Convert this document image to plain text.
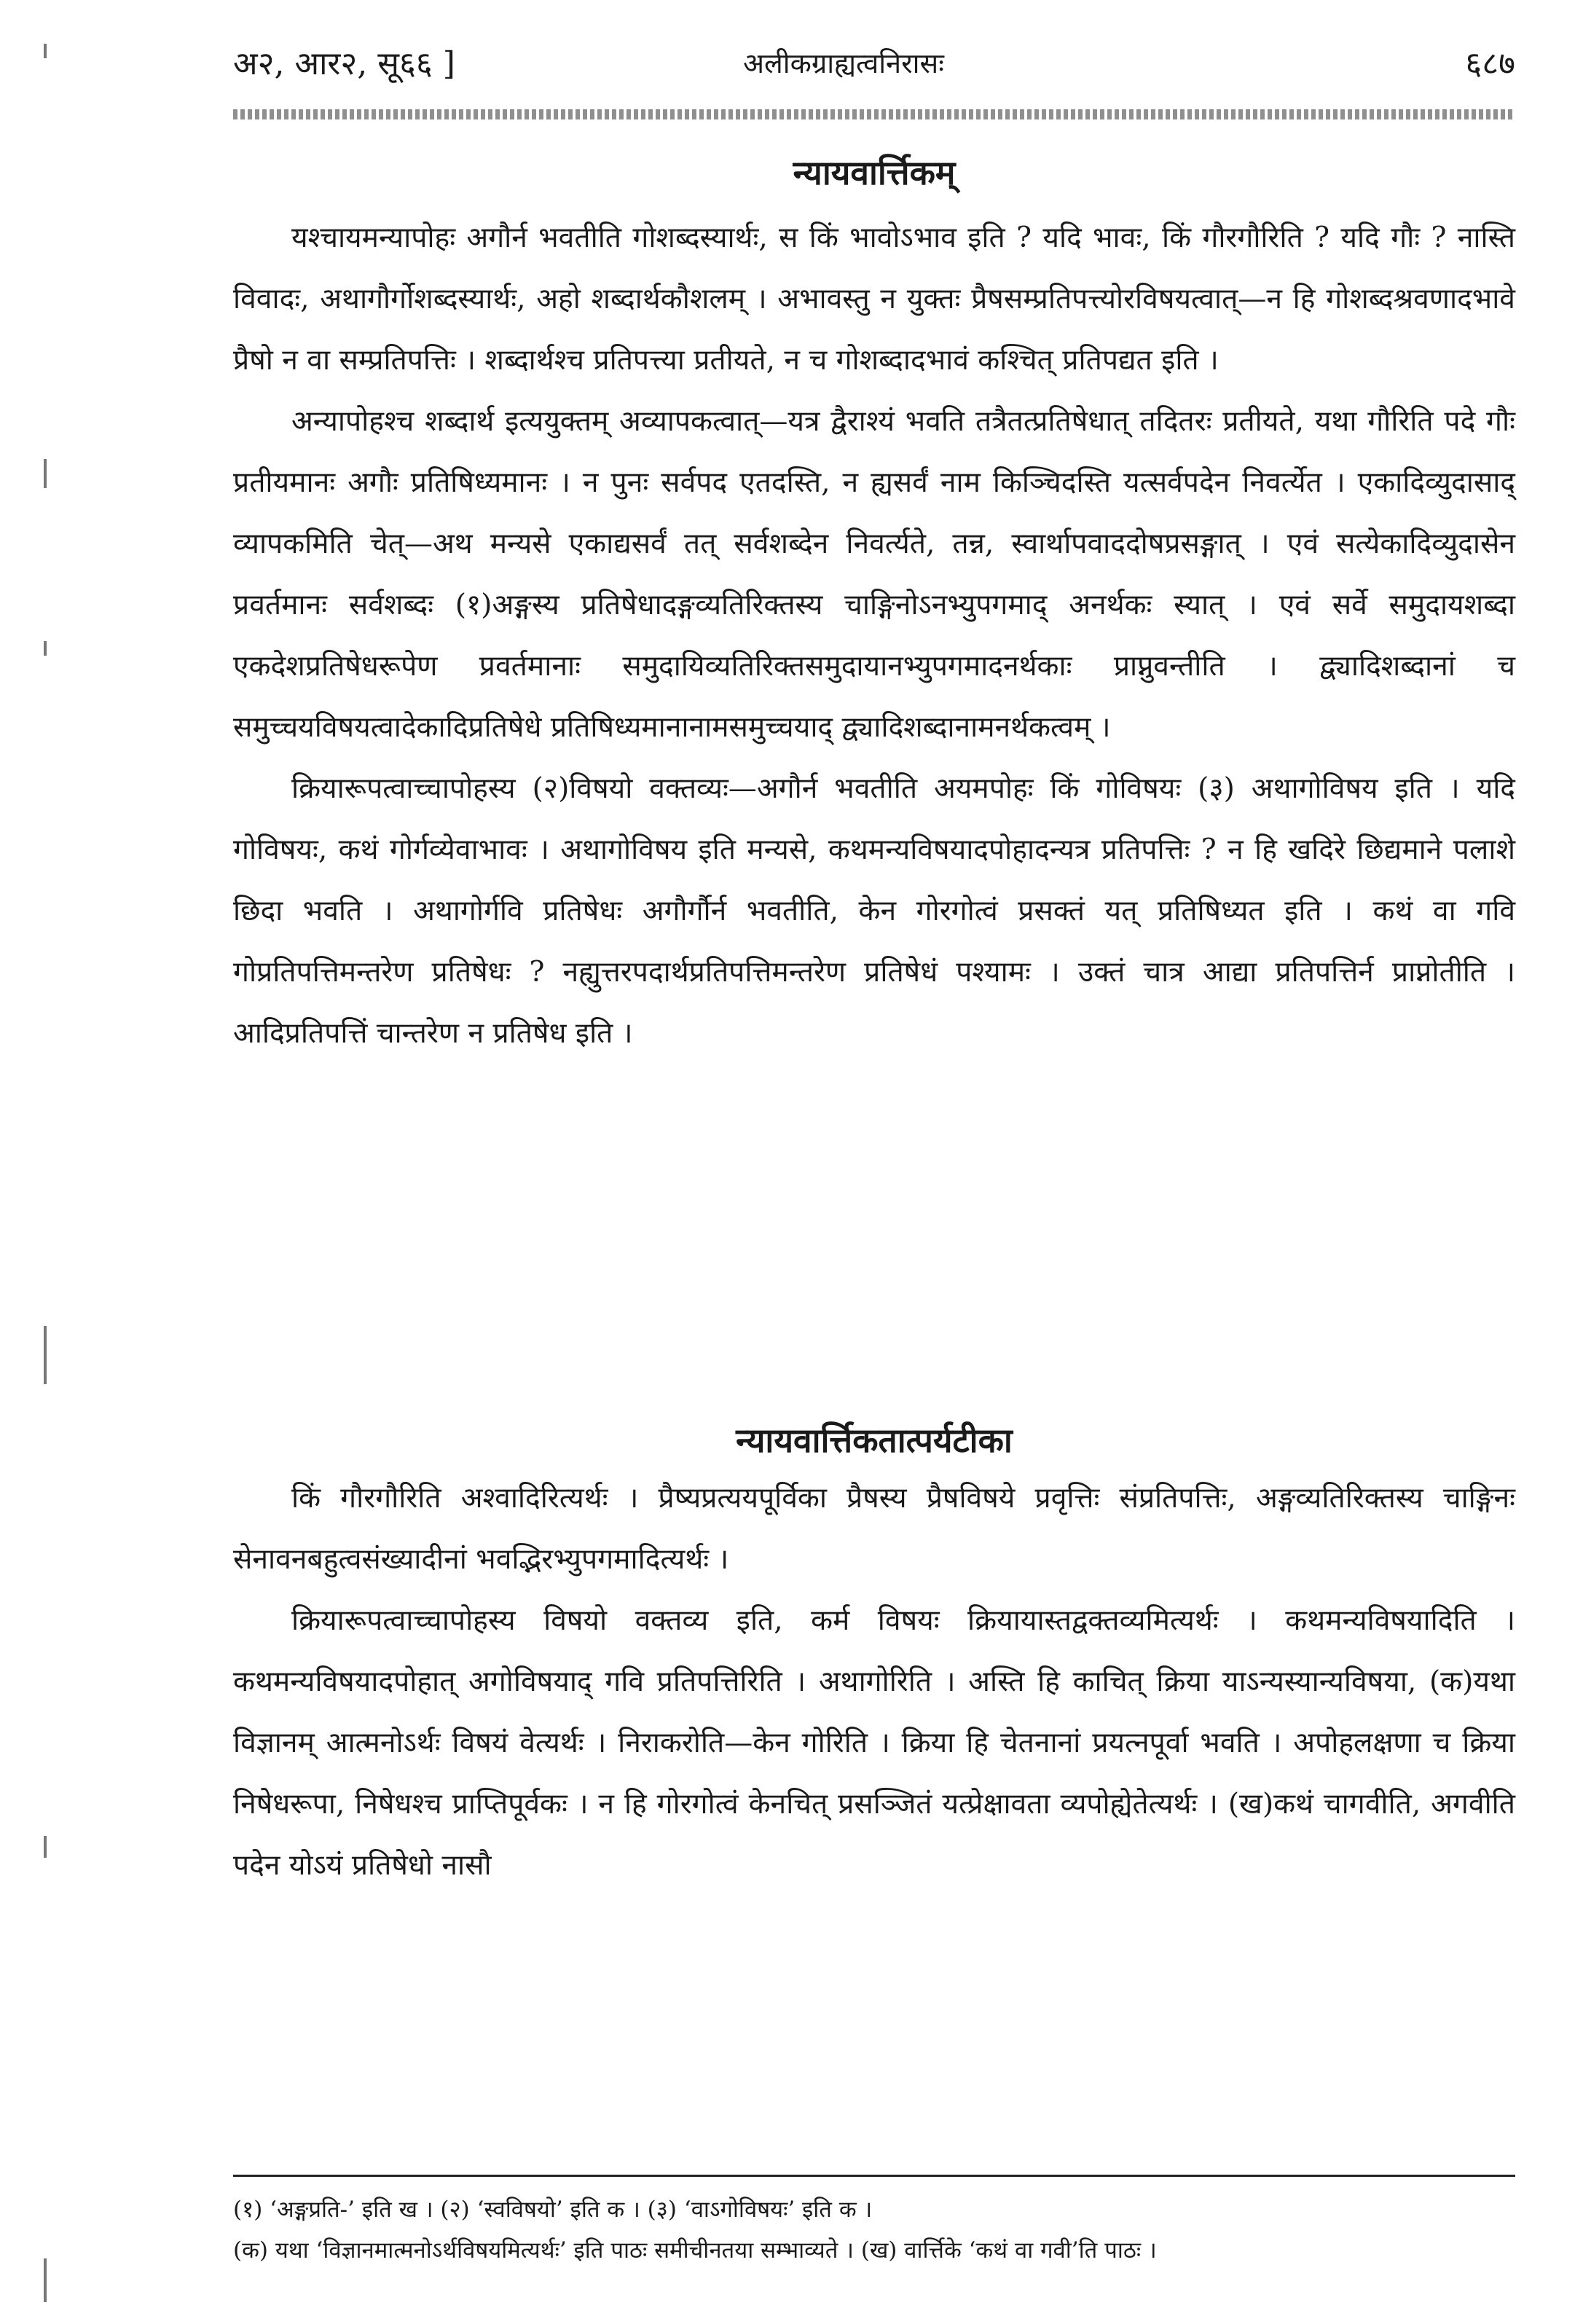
अ२, आर२, सू६६ ]	अलीकग्राह्यत्वनिरासः	६८७
न्यायवार्त्तिकम्

यश्चायमन्यापोहः अगौर्न भवतीति गोशब्दस्यार्थः, स किं भावोऽभाव इति ? यदि भावः, किं गौरगौरिति ? यदि गौः ? नास्ति विवादः, अथागौर्गोशब्दस्यार्थः, अहो शब्दार्थकौशलम् । अभावस्तु न युक्तः प्रैषसम्प्रतिपत्त्योरविषयत्वात्—न हि गोशब्दश्रवणादभावे प्रैषो न वा सम्प्रतिपत्तिः । शब्दार्थश्च प्रतिपत्त्या प्रतीयते, न च गोशब्दादभावं कश्चित् प्रतिपद्यत इति ।

अन्यापोहश्च शब्दार्थ इत्ययुक्तम् अव्यापकत्वात्—यत्र द्वैराश्यं भवति तत्रैतत्प्रतिषेधात् तदितरः प्रतीयते, यथा गौरिति पदे गौः प्रतीयमानः अगौः प्रतिषिध्यमानः । न पुनः सर्वपद एतदस्ति, न ह्यसर्वं नाम किञ्चिदस्ति यत्सर्वपदेन निवर्त्येत । एकादिव्युदासाद् व्यापकमिति चेत्—अथ मन्यसे एकाद्यसर्वं तत् सर्वशब्देन निवर्त्यते, तन्न, स्वार्थापवाददोषप्रसङ्गात् । एवं सत्येकादिव्युदासेन प्रवर्तमानः सर्वशब्दः (१)अङ्गस्य प्रतिषेधादङ्गव्यतिरिक्तस्य चाङ्गिनोऽनभ्युपगमाद् अनर्थकः स्यात् । एवं सर्वे समुदायशब्दा एकदेशप्रतिषेधरूपेण प्रवर्तमानाः समुदायिव्यतिरिक्तसमुदायानभ्युपगमादनर्थकाः प्राप्नुवन्तीति । द्व्यादिशब्दानां च समुच्चयविषयत्वादेकादिप्रतिषेधे प्रतिषिध्यमानानामसमुच्चयाद् द्व्यादिशब्दानामनर्थकत्वम् ।

क्रियारूपत्वाच्चापोहस्य (२)विषयो वक्तव्यः—अगौर्न भवतीति अयमपोहः किं गोविषयः (३) अथागोविषय इति । यदि गोविषयः, कथं गोर्गव्येवाभावः । अथागोविषय इति मन्यसे, कथमन्यविषयादपोहादन्यत्र प्रतिपत्तिः ? न हि खदिरे छिद्यमाने पलाशे छिदा भवति । अथागोर्गवि प्रतिषेधः अगौर्गौर्न भवतीति, केन गोरगोत्वं प्रसक्तं यत् प्रतिषिध्यत इति । कथं वा गवि गोप्रतिपत्तिमन्तरेण प्रतिषेधः ? नह्युत्तरपदार्थप्रतिपत्तिमन्तरेण प्रतिषेधं पश्यामः । उक्तं चात्र आद्या प्रतिपत्तिर्न प्राप्नोतीति । आदिप्रतिपत्तिं चान्तरेण न प्रतिषेध इति ।

न्यायवार्त्तिकतात्पर्यटीका

किं गौरगौरिति अश्वादिरित्यर्थः । प्रैष्यप्रत्ययपूर्विका प्रैषस्य प्रैषविषये प्रवृत्तिः संप्रतिपत्तिः, अङ्गव्यतिरिक्तस्य चाङ्गिनः सेनावनबहुत्वसंख्यादीनां भवद्भिरभ्युपगमादित्यर्थः ।

क्रियारूपत्वाच्चापोहस्य विषयो वक्तव्य इति, कर्म विषयः क्रियायास्तद्वक्तव्यमित्यर्थः । कथमन्यविषयादिति । कथमन्यविषयादपोहात् अगोविषयाद् गवि प्रतिपत्तिरिति । अथागोरिति । अस्ति हि काचित् क्रिया याऽन्यस्यान्यविषया, (क)यथा विज्ञानम् आत्मनोऽर्थः विषयं वेत्यर्थः । निराकरोति—केन गोरिति । क्रिया हि चेतनानां प्रयत्नपूर्वा भवति । अपोहलक्षणा च क्रिया निषेधरूपा, निषेधश्च प्राप्तिपूर्वकः । न हि गोरगोत्वं केनचित् प्रसञ्जितं यत्प्रेक्षावता व्यपोह्येतेत्यर्थः । (ख)कथं चागवीति, अगवीति पदेन योऽयं प्रतिषेधो नासौ

(१) ‘अङ्गप्रति-’ इति ख । (२) ‘स्वविषयो’ इति क । (३) ‘वाऽगोविषयः’ इति क ।

(क) यथा ‘विज्ञानमात्मनोऽर्थविषयमित्यर्थः’ इति पाठः समीचीनतया सम्भाव्यते । (ख) वार्त्तिके ‘कथं वा गवी’ति पाठः ।
